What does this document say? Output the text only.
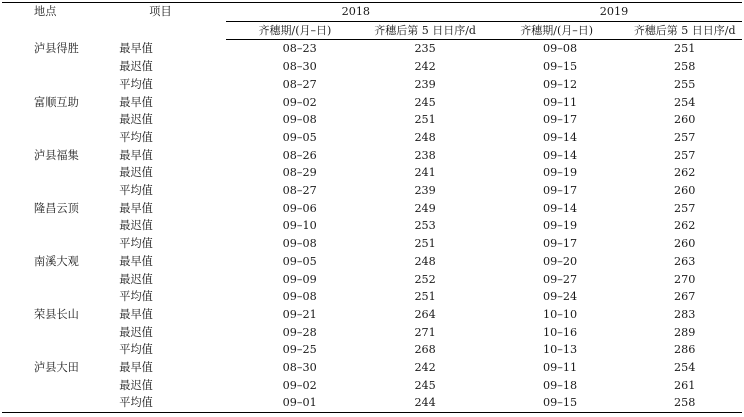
地点	项目	2018		2019	
		齐穗期/(月–日)	齐穗后第 5 日日序/d	齐穗期/(月–日)	齐穗后第 5 日日序/d
泸县得胜	最早值	08–23	235	09–08	251
	最迟值	08–30	242	09–15	258
	平均值	08–27	239	09–12	255
富顺互助	最早值	09–02	245	09–11	254
	最迟值	09–08	251	09–17	260
	平均值	09–05	248	09–14	257
泸县福集	最早值	08–26	238	09–14	257
	最迟值	08–29	241	09–19	262
	平均值	08–27	239	09–17	260
隆昌云顶	最早值	09–06	249	09–14	257
	最迟值	09–10	253	09–19	262
	平均值	09–08	251	09–17	260
南溪大观	最早值	09–05	248	09–20	263
	最迟值	09–09	252	09–27	270
	平均值	09–08	251	09–24	267
荣县长山	最早值	09–21	264	10–10	283
	最迟值	09–28	271	10–16	289
	平均值	09–25	268	10–13	286
泸县大田	最早值	08–30	242	09–11	254
	最迟值	09–02	245	09–18	261
	平均值	09–01	244	09–15	258
